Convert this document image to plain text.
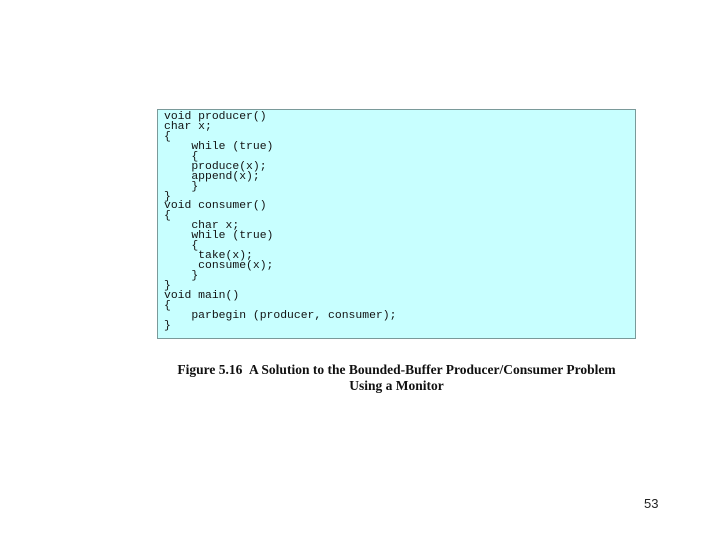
void producer()
char x;
{
while (true)
{
produce(x);
append(x);
}
}
void consumer()
{
char x;
while (true)
{
take(x);
consume(x);
}
}
void main()
{
parbegin (producer, consumer);
}
Figure 5.16 A Solution to the Bounded-Buffer Producer/Consumer Problem
Using a Monitor
53
